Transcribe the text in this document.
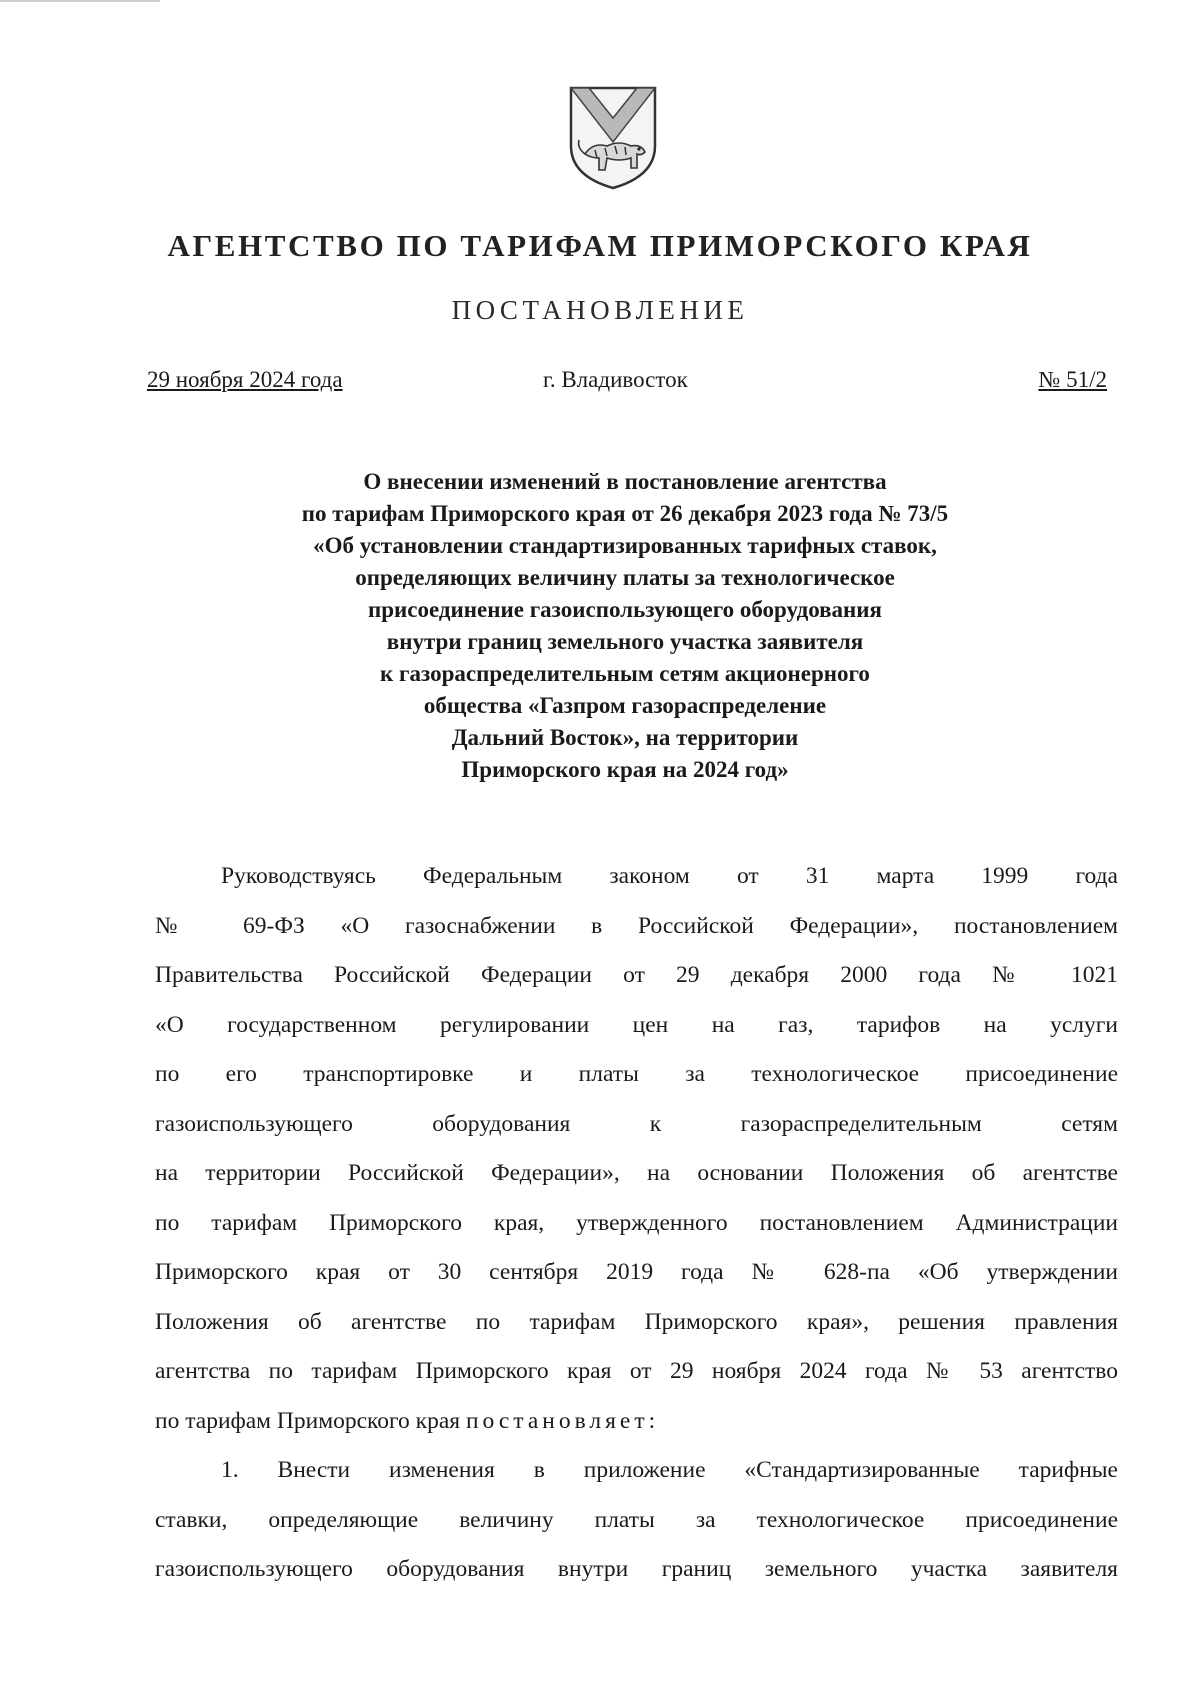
АГЕНТСТВО ПО ТАРИФАМ ПРИМОРСКОГО КРАЯ
ПОСТАНОВЛЕНИЕ
29 ноября 2024 года	г. Владивосток	№ 51/2
О внесении изменений в постановление агентства
по тарифам Приморского края от 26 декабря 2023 года № 73/5
«Об установлении стандартизированных тарифных ставок,
определяющих величину платы за технологическое
присоединение газоиспользующего оборудования
внутри границ земельного участка заявителя
к газораспределительным сетям акционерного
общества «Газпром газораспределение
Дальний Восток», на территории
Приморского края на 2024 год»
Руководствуясь Федеральным законом от 31 марта 1999 года
№ 69-ФЗ «О газоснабжении в Российской Федерации», постановлением
Правительства Российской Федерации от 29 декабря 2000 года № 1021
«О государственном регулировании цен на газ, тарифов на услуги
по его транспортировке и платы за технологическое присоединение
газоиспользующего оборудования к газораспределительным сетям
на территории Российской Федерации», на основании Положения об агентстве
по тарифам Приморского края, утвержденного постановлением Администрации
Приморского края от 30 сентября 2019 года № 628-па «Об утверждении
Положения об агентстве по тарифам Приморского края», решения правления
агентства по тарифам Приморского края от 29 ноября 2024 года № 53 агентство
по тарифам Приморского края постановляет:
1. Внести изменения в приложение «Стандартизированные тарифные
ставки, определяющие величину платы за технологическое присоединение
газоиспользующего оборудования внутри границ земельного участка заявителя
